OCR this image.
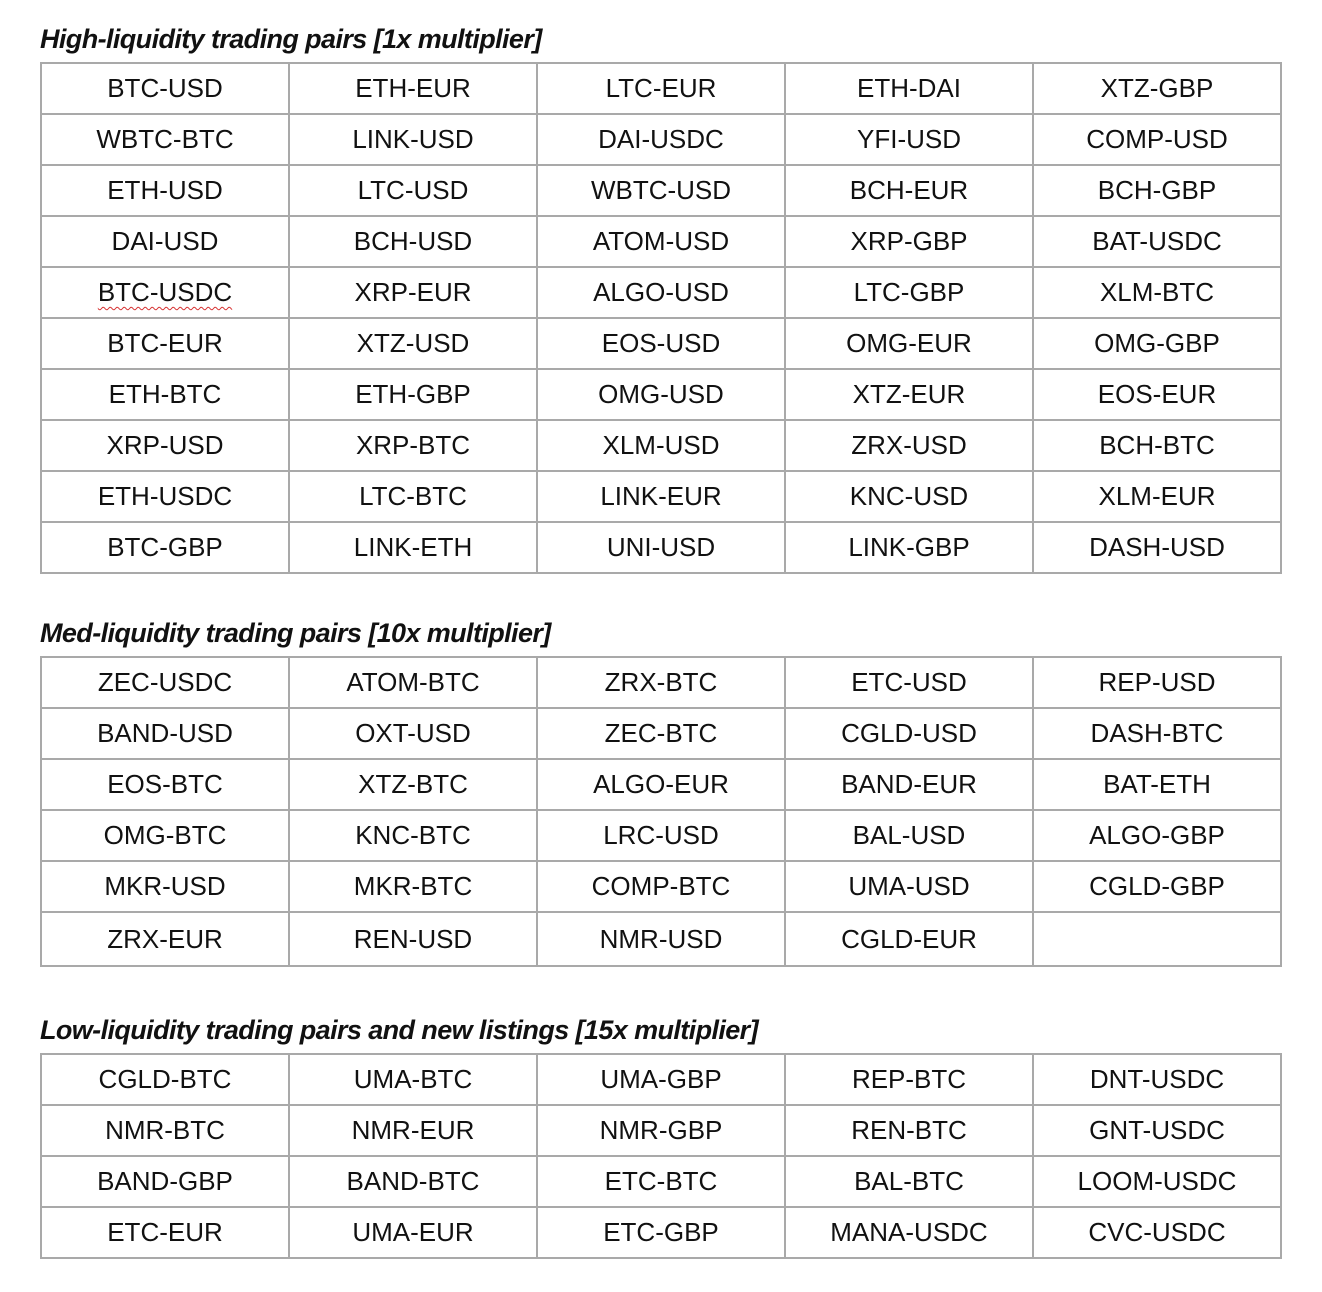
High-liquidity trading pairs [1x multiplier]
BTC-USD	ETH-EUR	LTC-EUR	ETH-DAI	XTZ-GBP
WBTC-BTC	LINK-USD	DAI-USDC	YFI-USD	COMP-USD
ETH-USD	LTC-USD	WBTC-USD	BCH-EUR	BCH-GBP
DAI-USD	BCH-USD	ATOM-USD	XRP-GBP	BAT-USDC
BTC-USDC	XRP-EUR	ALGO-USD	LTC-GBP	XLM-BTC
BTC-EUR	XTZ-USD	EOS-USD	OMG-EUR	OMG-GBP
ETH-BTC	ETH-GBP	OMG-USD	XTZ-EUR	EOS-EUR
XRP-USD	XRP-BTC	XLM-USD	ZRX-USD	BCH-BTC
ETH-USDC	LTC-BTC	LINK-EUR	KNC-USD	XLM-EUR
BTC-GBP	LINK-ETH	UNI-USD	LINK-GBP	DASH-USD
Med-liquidity trading pairs [10x multiplier]
ZEC-USDC	ATOM-BTC	ZRX-BTC	ETC-USD	REP-USD
BAND-USD	OXT-USD	ZEC-BTC	CGLD-USD	DASH-BTC
EOS-BTC	XTZ-BTC	ALGO-EUR	BAND-EUR	BAT-ETH
OMG-BTC	KNC-BTC	LRC-USD	BAL-USD	ALGO-GBP
MKR-USD	MKR-BTC	COMP-BTC	UMA-USD	CGLD-GBP
ZRX-EUR	REN-USD	NMR-USD	CGLD-EUR	
Low-liquidity trading pairs and new listings [15x multiplier]
CGLD-BTC	UMA-BTC	UMA-GBP	REP-BTC	DNT-USDC
NMR-BTC	NMR-EUR	NMR-GBP	REN-BTC	GNT-USDC
BAND-GBP	BAND-BTC	ETC-BTC	BAL-BTC	LOOM-USDC
ETC-EUR	UMA-EUR	ETC-GBP	MANA-USDC	CVC-USDC
